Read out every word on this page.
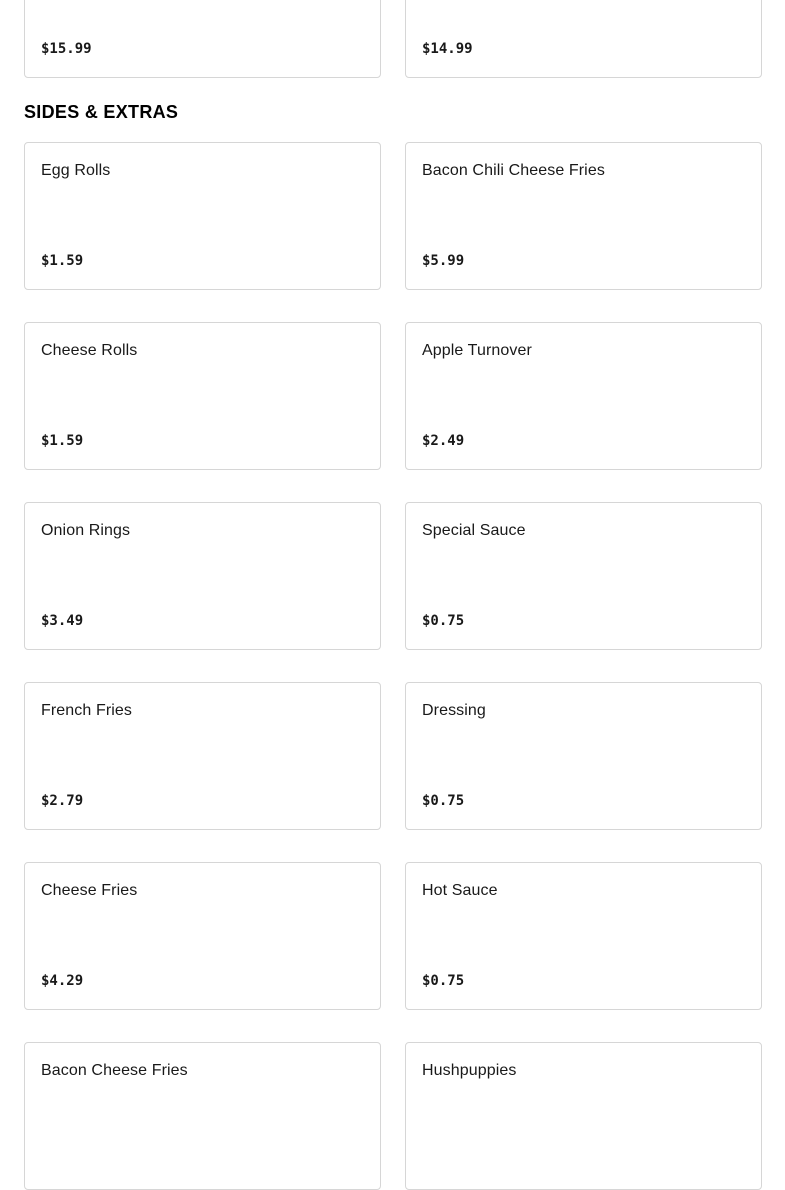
$15.99	$14.99
SIDES & EXTRAS
Egg Rolls
$1.59
Bacon Chili Cheese Fries
$5.99
Cheese Rolls
$1.59
Apple Turnover
$2.49
Onion Rings
$3.49
Special Sauce
$0.75
French Fries
$2.79
Dressing
$0.75
Cheese Fries
$4.29
Hot Sauce
$0.75
Bacon Cheese Fries	Hushpuppies
